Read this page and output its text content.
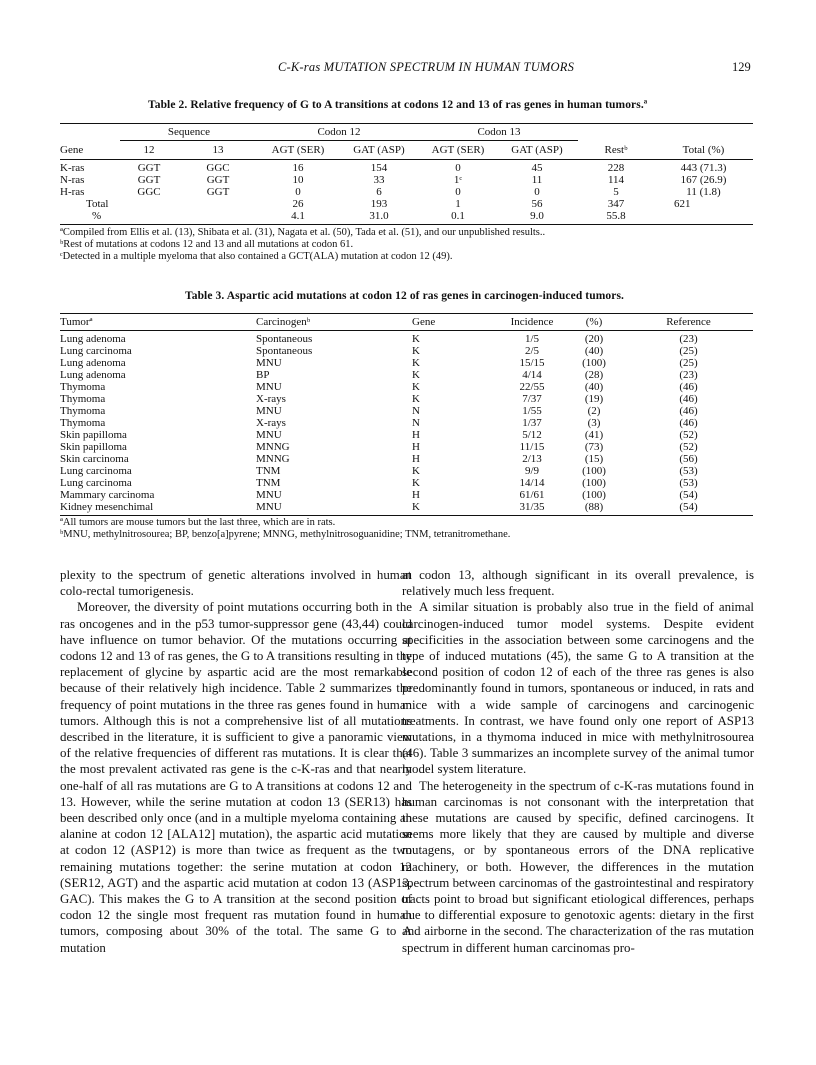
C-K-ras MUTATION SPECTRUM IN HUMAN TUMORS	129
Table 2. Relative frequency of G to A transitions at codons 12 and 13 of ras genes in human tumors.ª

	Sequence		Codon 12		Codon 13			
Gene	12	13	AGT (SER)	GAT (ASP)	AGT (SER)	GAT (ASP)	Restᵇ	Total (%)
K-ras	GGT	GGC	16	154	0	45	228	443 (71.3)
N-ras	GGT	GGT	10	33	1ᶜ	11	114	167 (26.9)
H-ras	GGC	GGT	0	6	0	0	5	11 (1.8)
Total			26	193	1	56	347	621
%			4.1	31.0	0.1	9.0	55.8	
ªCompiled from Ellis et al. (13), Shibata et al. (31), Nagata et al. (50), Tada et al. (51), and our unpublished results..
ᵇRest of mutations at codons 12 and 13 and all mutations at codon 61.
ᶜDetected in a multiple myeloma that also contained a GCT(ALA) mutation at codon 12 (49).
Table 3. Aspartic acid mutations at codon 12 of ras genes in carcinogen-induced tumors.
Tumorª	Carcinogenᵇ	Gene	Incidence	(%)	Reference
Lung adenoma	Spontaneous	K	1/5	(20)	(23)
Lung carcinoma	Spontaneous	K	2/5	(40)	(25)
Lung adenoma	MNU	K	15/15	(100)	(25)
Lung adenoma	BP	K	4/14	(28)	(23)
Thymoma	MNU	K	22/55	(40)	(46)
Thymoma	X-rays	K	7/37	(19)	(46)
Thymoma	MNU	N	1/55	(2)	(46)
Thymoma	X-rays	N	1/37	(3)	(46)
Skin papilloma	MNU	H	5/12	(41)	(52)
Skin papilloma	MNNG	H	11/15	(73)	(52)
Skin carcinoma	MNNG	H	2/13	(15)	(56)
Lung carcinoma	TNM	K	9/9	(100)	(53)
Lung carcinoma	TNM	K	14/14	(100)	(53)
Mammary carcinoma	MNU	H	61/61	(100)	(54)
Kidney mesenchimal	MNU	K	31/35	(88)	(54)
ªAll tumors are mouse tumors but the last three, which are in rats.
ᵇMNU, methylnitrosourea; BP, benzo[a]pyrene; MNNG, methylnitrosoguanidine; TNM, tetranitromethane.

plexity to the spectrum of genetic alterations involved in human colo-rectal tumorigenesis.

Moreover, the diversity of point mutations occurring both in the ras oncogenes and in the p53 tumor-suppressor gene (43,44) could have influence on tumor behavior. Of the mutations occurring at codons 12 and 13 of ras genes, the G to A transitions resulting in the replacement of glycine by aspartic acid are the most remarkable because of their relatively high incidence. Table 2 summarizes the frequency of point mutations in the three ras genes found in human tumors. Although this is not a comprehensive list of all mutations described in the literature, it is sufficient to give a panoramic view of the relative frequencies of different ras mutations. It is clear that the most prevalent activated ras gene is the c-K-ras and that nearly one-half of all ras mutations are G to A transitions at codons 12 and 13. However, while the serine mutation at codon 13 (SER13) has been described only once (and in a multiple myeloma containing an alanine at codon 12 [ALA12] mutation), the aspartic acid mutation at codon 12 (ASP12) is more than twice as frequent as the two remaining mutations together: the serine mutation at codon 12 (SER12, AGT) and the aspartic acid mutation at codon 13 (ASP13, GAC). This makes the G to A transition at the second position of codon 12 the single most frequent ras mutation found in human tumors, composing about 30% of the total. The same G to A mutation

at codon 13, although significant in its overall prevalence, is relatively much less frequent.

A similar situation is probably also true in the field of animal carcinogen-induced tumor model systems. Despite evident specificities in the association between some carcinogens and the type of induced mutations (45), the same G to A transition at the second position of codon 12 of each of the three ras genes is also predominantly found in tumors, spontaneous or induced, in rats and mice with a wide sample of carcinogens and carcinogenic treatments. In contrast, we have found only one report of ASP13 mutations, in a thymoma induced in mice with methylnitrosourea (46). Table 3 summarizes an incomplete survey of the animal tumor model system literature.

The heterogeneity in the spectrum of c-K-ras mutations found in human carcinomas is not consonant with the interpretation that these mutations are caused by specific, defined carcinogens. It seems more likely that they are caused by multiple and diverse mutagens, or by spontaneous errors of the DNA replicative machinery, or both. However, the differences in the mutation spectrum between carcinomas of the gastrointestinal and respiratory tracts point to broad but significant etiological differences, perhaps due to differential exposure to genotoxic agents: dietary in the first and airborne in the second. The characterization of the ras mutation spectrum in different human carcinomas pro-
